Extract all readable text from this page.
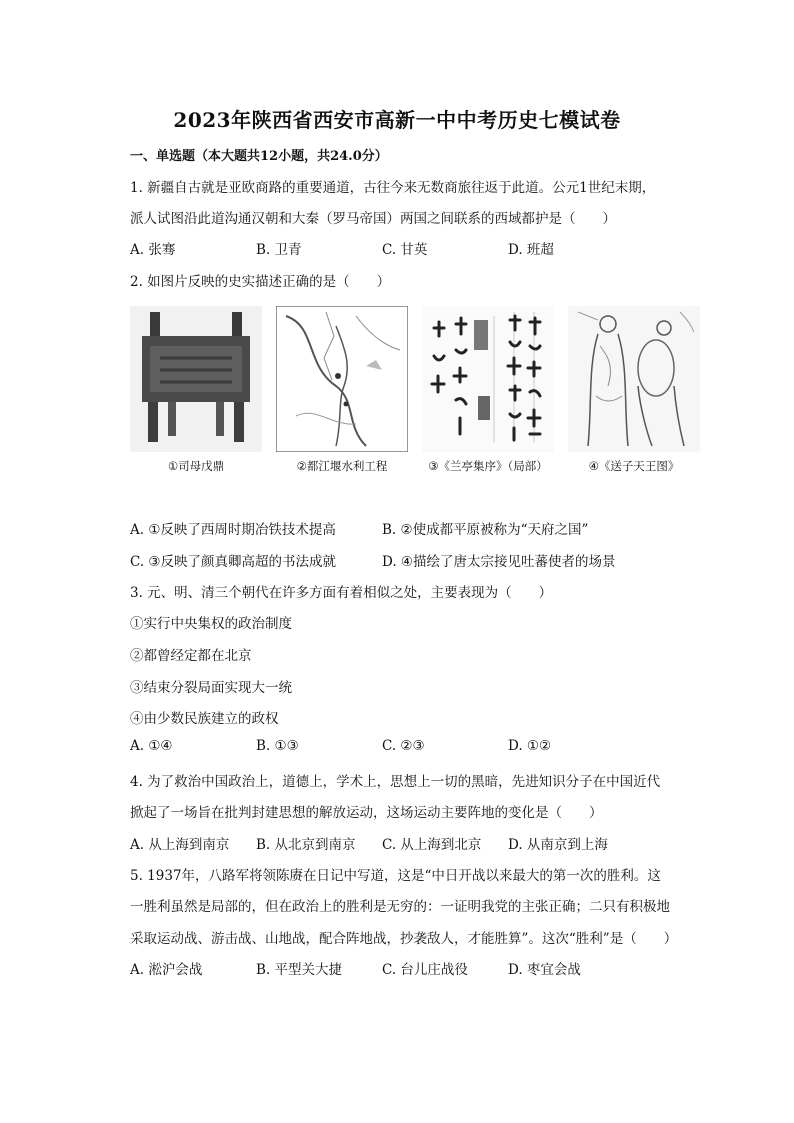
2023年陕西省西安市高新一中中考历史七模试卷
一、单选题（本大题共12小题，共24.0分）
1. 新疆自古就是亚欧商路的重要通道，古往今来无数商旅往返于此道。公元1世纪末期，
派人试图沿此道沟通汉朝和大秦（罗马帝国）两国之间联系的西域都护是（　　）
A. 张骞	B. 卫青	C. 甘英	D. 班超
2. 如图片反映的史实描述正确的是（　　）
①司母戊鼎	②都江堰水利工程	③《兰亭集序》（局部）	④《送子天王图》
A. ①反映了西周时期冶铁技术提高	B. ②使成都平原被称为“天府之国”
C. ③反映了颜真卿高超的书法成就	D. ④描绘了唐太宗接见吐蕃使者的场景
3. 元、明、清三个朝代在许多方面有着相似之处，主要表现为（　　）
①实行中央集权的政治制度
②都曾经定都在北京
③结束分裂局面实现大一统
④由少数民族建立的政权
A. ①④	B. ①③	C. ②③	D. ①②
4. 为了救治中国政治上，道德上，学术上，思想上一切的黑暗，先进知识分子在中国近代
掀起了一场旨在批判封建思想的解放运动，这场运动主要阵地的变化是（　　）
A. 从上海到南京 B. 从北京到南京 C. 从上海到北京 D. 从南京到上海
5. 1937年，八路军将领陈赓在日记中写道，这是“中日开战以来最大的第一次的胜利。这
一胜利虽然是局部的，但在政治上的胜利是无穷的：一证明我党的主张正确；二只有积极地
采取运动战、游击战、山地战，配合阵地战，抄袭敌人，才能胜算”。这次“胜利”是（　　）
A. 淞沪会战	B. 平型关大捷	C. 台儿庄战役	D. 枣宜会战
